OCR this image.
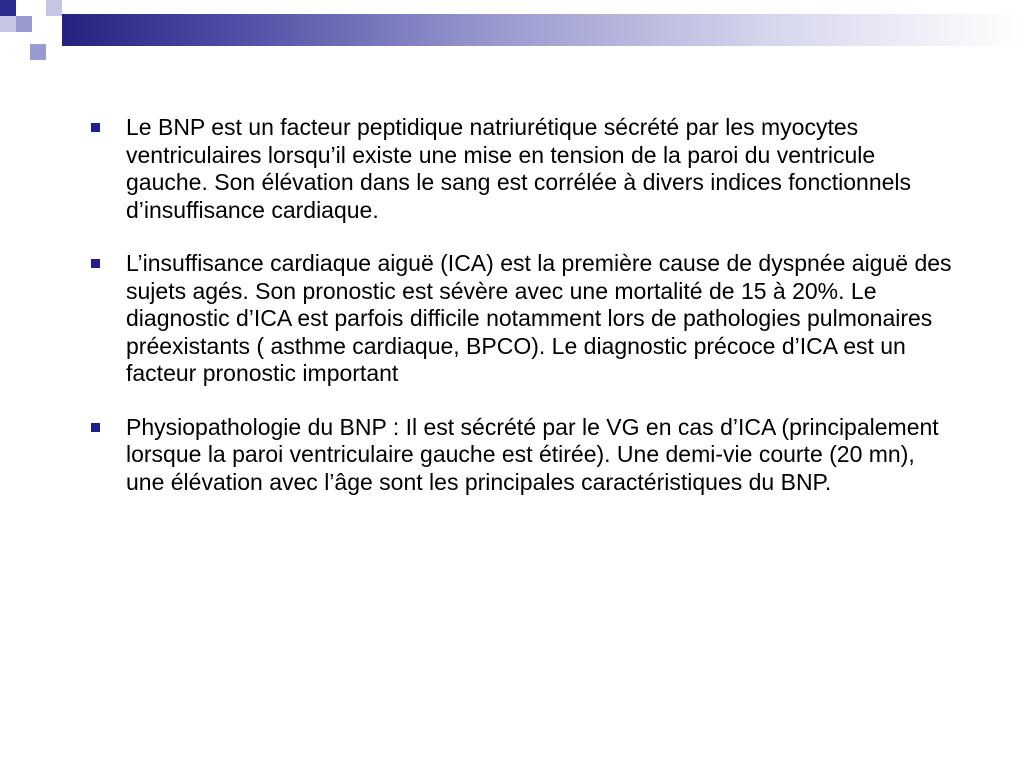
Le BNP est un facteur peptidique natriurétique sécrété par les myocytes ventriculaires lorsqu’il existe une mise en tension de la paroi du ventricule gauche. Son élévation dans le sang est corrélée à divers indices fonctionnels d’insuffisance cardiaque.
L’insuffisance cardiaque aiguë (ICA) est la première cause de dyspnée aiguë des sujets agés. Son pronostic est sévère avec une mortalité de 15 à 20%. Le diagnostic d’ICA est parfois difficile notamment lors de pathologies pulmonaires préexistants ( asthme cardiaque, BPCO). Le diagnostic précoce d’ICA est un facteur pronostic important
Physiopathologie du BNP : Il est sécrété par le VG en cas d’ICA (principalement lorsque la paroi ventriculaire gauche est étirée). Une demi-vie courte (20 mn), une élévation avec l’âge sont les principales caractéristiques du BNP.
